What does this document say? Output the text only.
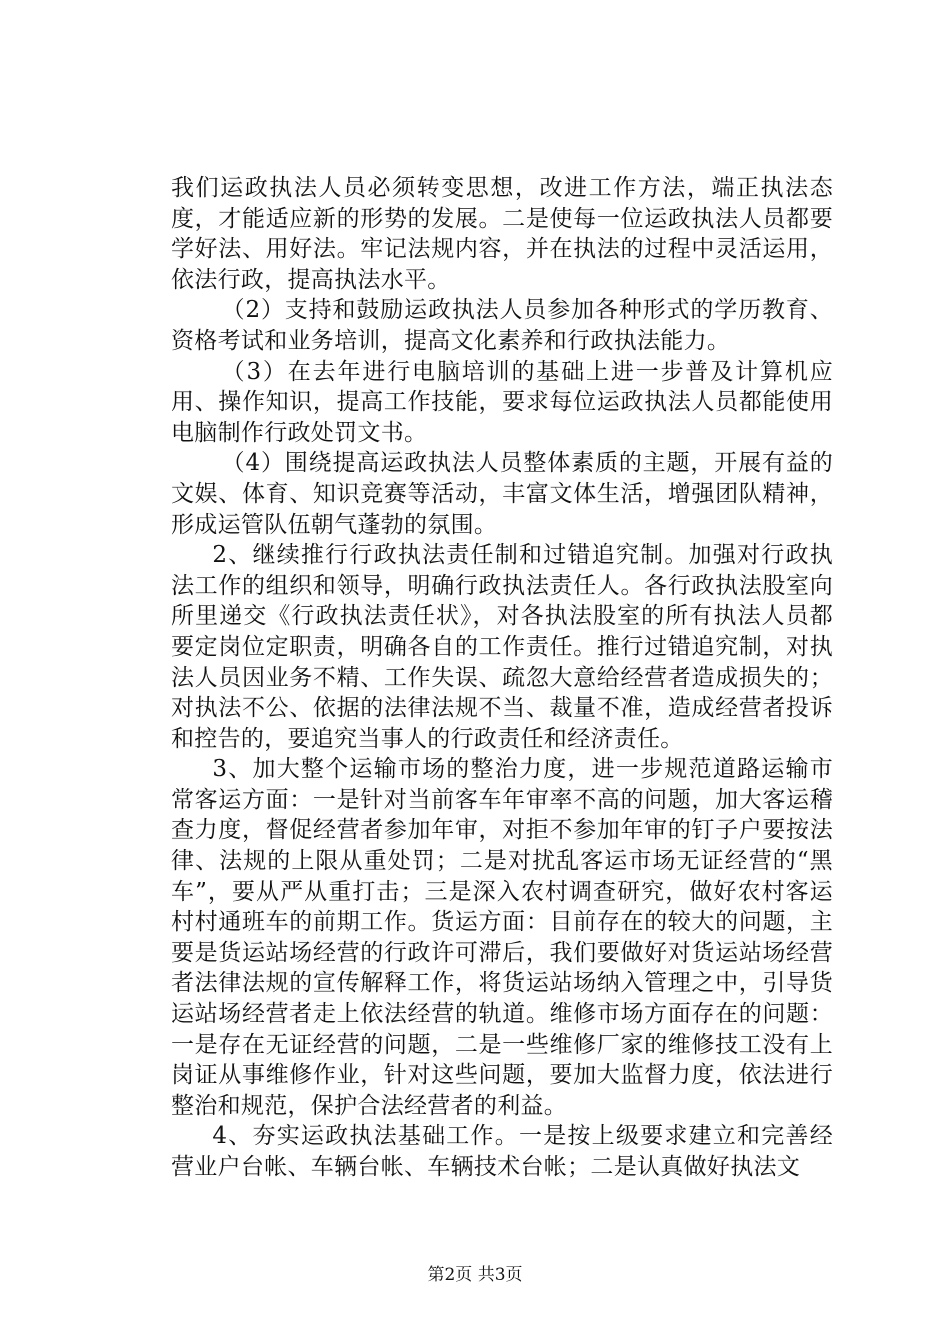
我们运政执法人员必须转变思想，改进工作方法，端正执法态度，才能适应新的形势的发展。二是使每一位运政执法人员都要学好法、用好法。牢记法规内容，并在执法的过程中灵活运用，依法行政，提高执法水平。

（2）支持和鼓励运政执法人员参加各种形式的学历教育、资格考试和业务培训，提高文化素养和行政执法能力。

（3）在去年进行电脑培训的基础上进一步普及计算机应用、操作知识，提高工作技能，要求每位运政执法人员都能使用电脑制作行政处罚文书。

（4）围绕提高运政执法人员整体素质的主题，开展有益的文娱、体育、知识竞赛等活动，丰富文体生活，增强团队精神，形成运管队伍朝气蓬勃的氛围。

2、继续推行行政执法责任制和过错追究制。加强对行政执法工作的组织和领导，明确行政执法责任人。各行政执法股室向所里递交《行政执法责任状》，对各执法股室的所有执法人员都要定岗位定职责，明确各自的工作责任。推行过错追究制，对执法人员因业务不精、工作失误、疏忽大意给经营者造成损失的；对执法不公、依据的法律法规不当、裁量不准，造成经营者投诉和控告的，要追究当事人的行政责任和经济责任。

3、加大整个运输市场的整治力度，进一步规范道路运输市常客运方面：一是针对当前客车年审率不高的问题，加大客运稽查力度，督促经营者参加年审，对拒不参加年审的钉子户要按法律、法规的上限从重处罚；二是对扰乱客运市场无证经营的“黑车”，要从严从重打击；三是深入农村调查研究，做好农村客运村村通班车的前期工作。货运方面：目前存在的较大的问题，主要是货运站场经营的行政许可滞后，我们要做好对货运站场经营者法律法规的宣传解释工作，将货运站场纳入管理之中，引导货运站场经营者走上依法经营的轨道。维修市场方面存在的问题：一是存在无证经营的问题，二是一些维修厂家的维修技工没有上岗证从事维修作业，针对这些问题，要加大监督力度，依法进行整治和规范，保护合法经营者的利益。

4、夯实运政执法基础工作。一是按上级要求建立和完善经营业户台帐、车辆台帐、车辆技术台帐；二是认真做好执法文

第2页 共3页
